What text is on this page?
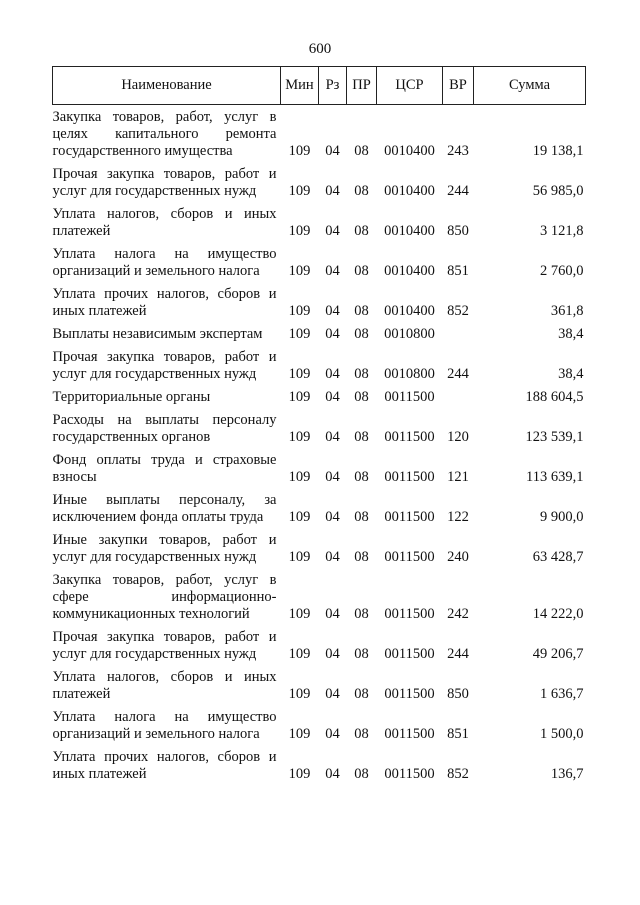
600
Наименование	Мин	Рз	ПР	ЦСР	ВР	Сумма
Закупка товаров, работ, услуг в целях капитального ремонта государственного имущества	109	04	08	0010400	243	19 138,1
Прочая закупка товаров, работ и услуг для государственных нужд	109	04	08	0010400	244	56 985,0
Уплата налогов, сборов и иных платежей	109	04	08	0010400	850	3 121,8
Уплата налога на имущество организаций и земельного налога	109	04	08	0010400	851	2 760,0
Уплата прочих налогов, сборов и иных платежей	109	04	08	0010400	852	361,8
Выплаты независимым экспертам	109	04	08	0010800		38,4
Прочая закупка товаров, работ и услуг для государственных нужд	109	04	08	0010800	244	38,4
Территориальные органы	109	04	08	0011500		188 604,5
Расходы на выплаты персоналу государственных органов	109	04	08	0011500	120	123 539,1
Фонд оплаты труда и страховые взносы	109	04	08	0011500	121	113 639,1
Иные выплаты персоналу, за исключением фонда оплаты труда	109	04	08	0011500	122	9 900,0
Иные закупки товаров, работ и услуг для государственных нужд	109	04	08	0011500	240	63 428,7
Закупка товаров, работ, услуг в сфере информационно-коммуникационных технологий	109	04	08	0011500	242	14 222,0
Прочая закупка товаров, работ и услуг для государственных нужд	109	04	08	0011500	244	49 206,7
Уплата налогов, сборов и иных платежей	109	04	08	0011500	850	1 636,7
Уплата налога на имущество организаций и земельного налога	109	04	08	0011500	851	1 500,0
Уплата прочих налогов, сборов и иных платежей	109	04	08	0011500	852	136,7
